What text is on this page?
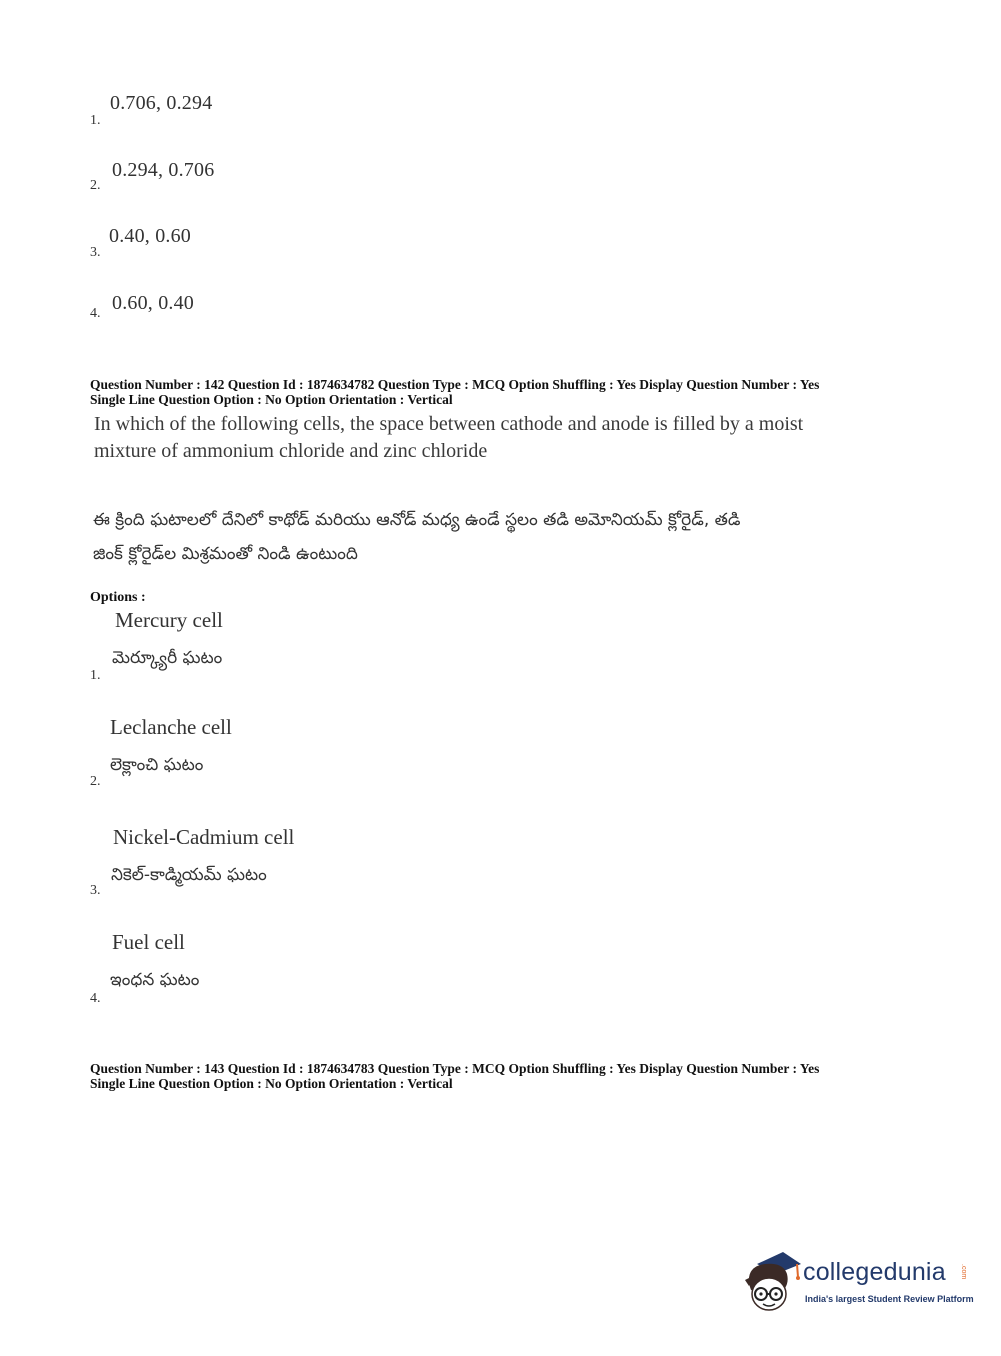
1.
0.706, 0.294
2.
0.294, 0.706
3.
0.40, 0.60
4. 0.60, 0.40
Question Number : 142 Question Id : 1874634782 Question Type : MCQ Option Shuffling : Yes Display Question Number : Yes
Single Line Question Option : No Option Orientation : Vertical
In which of the following cells, the space between cathode and anode is filled by a moist
mixture of ammonium chloride and zinc chloride
ఈ క్రింది ఘటాలలో దేనిలో కాథోడ్ మరియు ఆనోడ్ మధ్య ఉండే స్థలం తడి అమోనియమ్ క్లోరైడ్, తడి
జింక్ క్లోరైడ్‌ల మిశ్రమంతో నిండి ఉంటుంది
Options :
Mercury cell
మెర్క్యూరీ ఘటం
1.
Leclanche cell
లెక్లాంచి ఘటం
2.
Nickel-Cadmium cell
నికెల్-కాడ్మియమ్ ఘటం
3.
Fuel cell
ఇంధన ఘటం
4.
Question Number : 143 Question Id : 1874634783 Question Type : MCQ Option Shuffling : Yes Display Question Number : Yes
Single Line Question Option : No Option Orientation : Vertical
collegedunia .com
India's largest Student Review Platform
